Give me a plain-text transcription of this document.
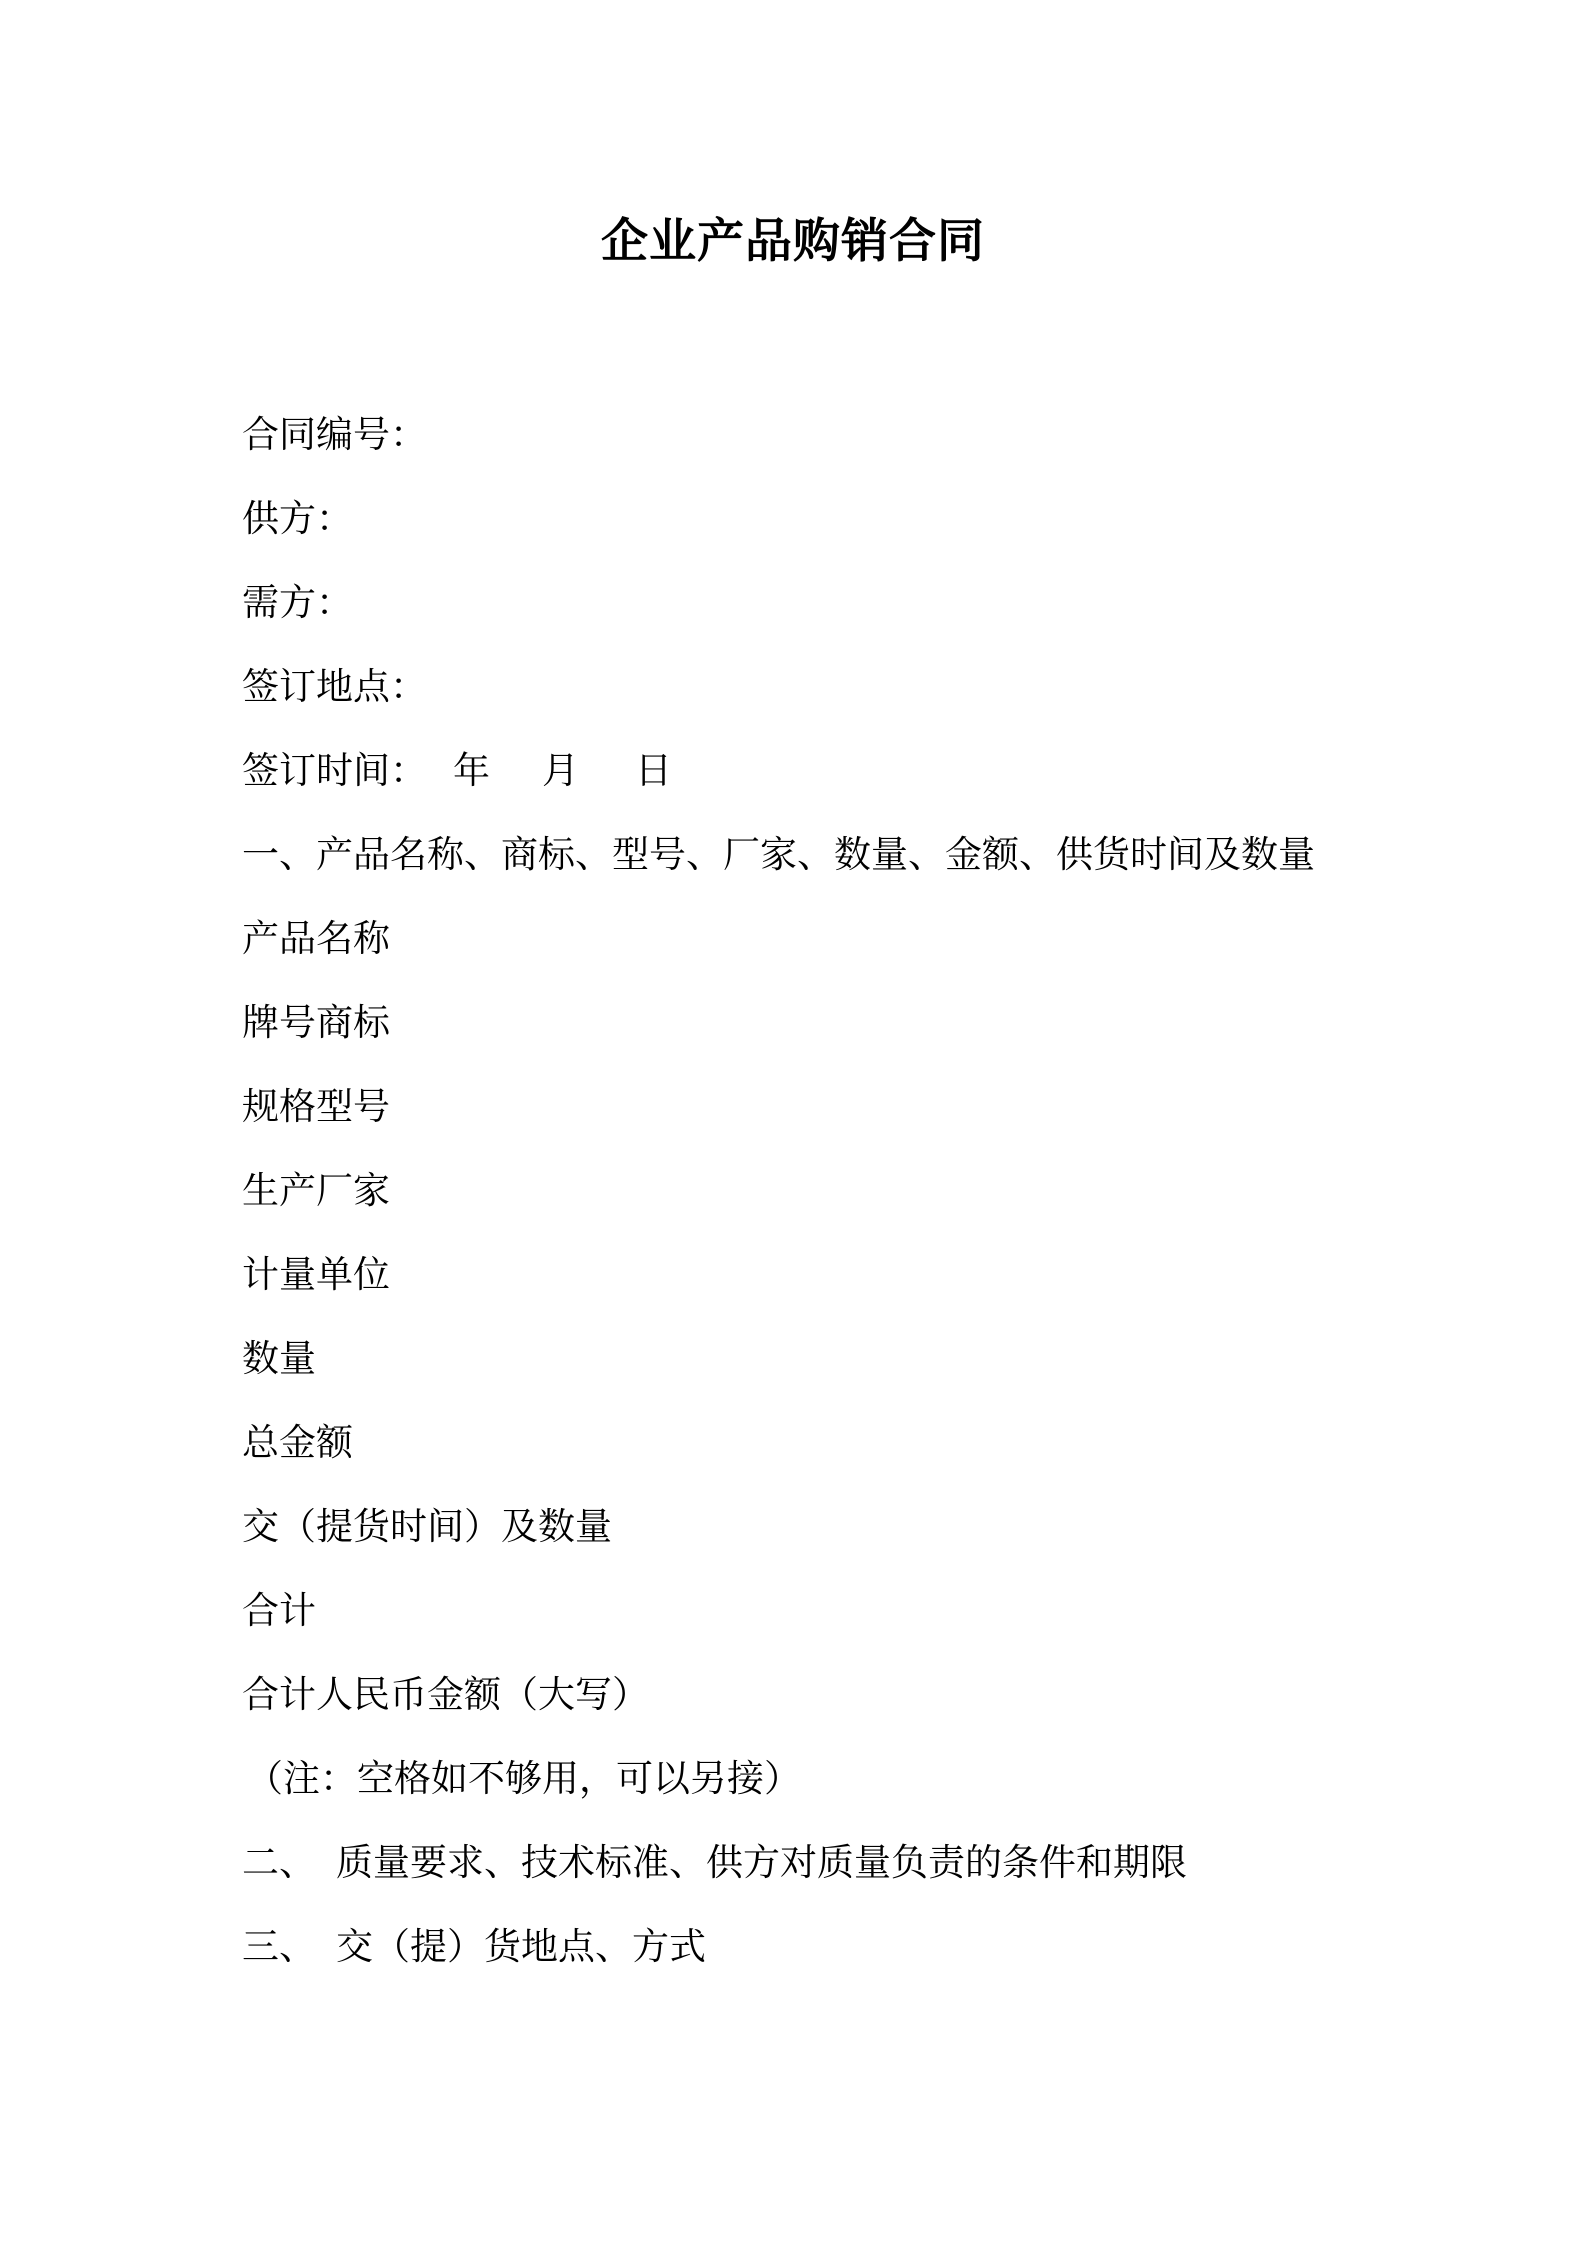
企业产品购销合同
合同编号：
供方：
需方：
签订地点：
签订时间： 年 月 日
一、产品名称、商标、型号、厂家、数量、金额、供货时间及数量
产品名称
牌号商标
规格型号
生产厂家
计量单位
数量
总金额
交（提货时间）及数量
合计
合计人民币金额（大写）
（注：空格如不够用，可以另接）
二、 质量要求、技术标准、供方对质量负责的条件和期限
三、 交（提）货地点、方式
